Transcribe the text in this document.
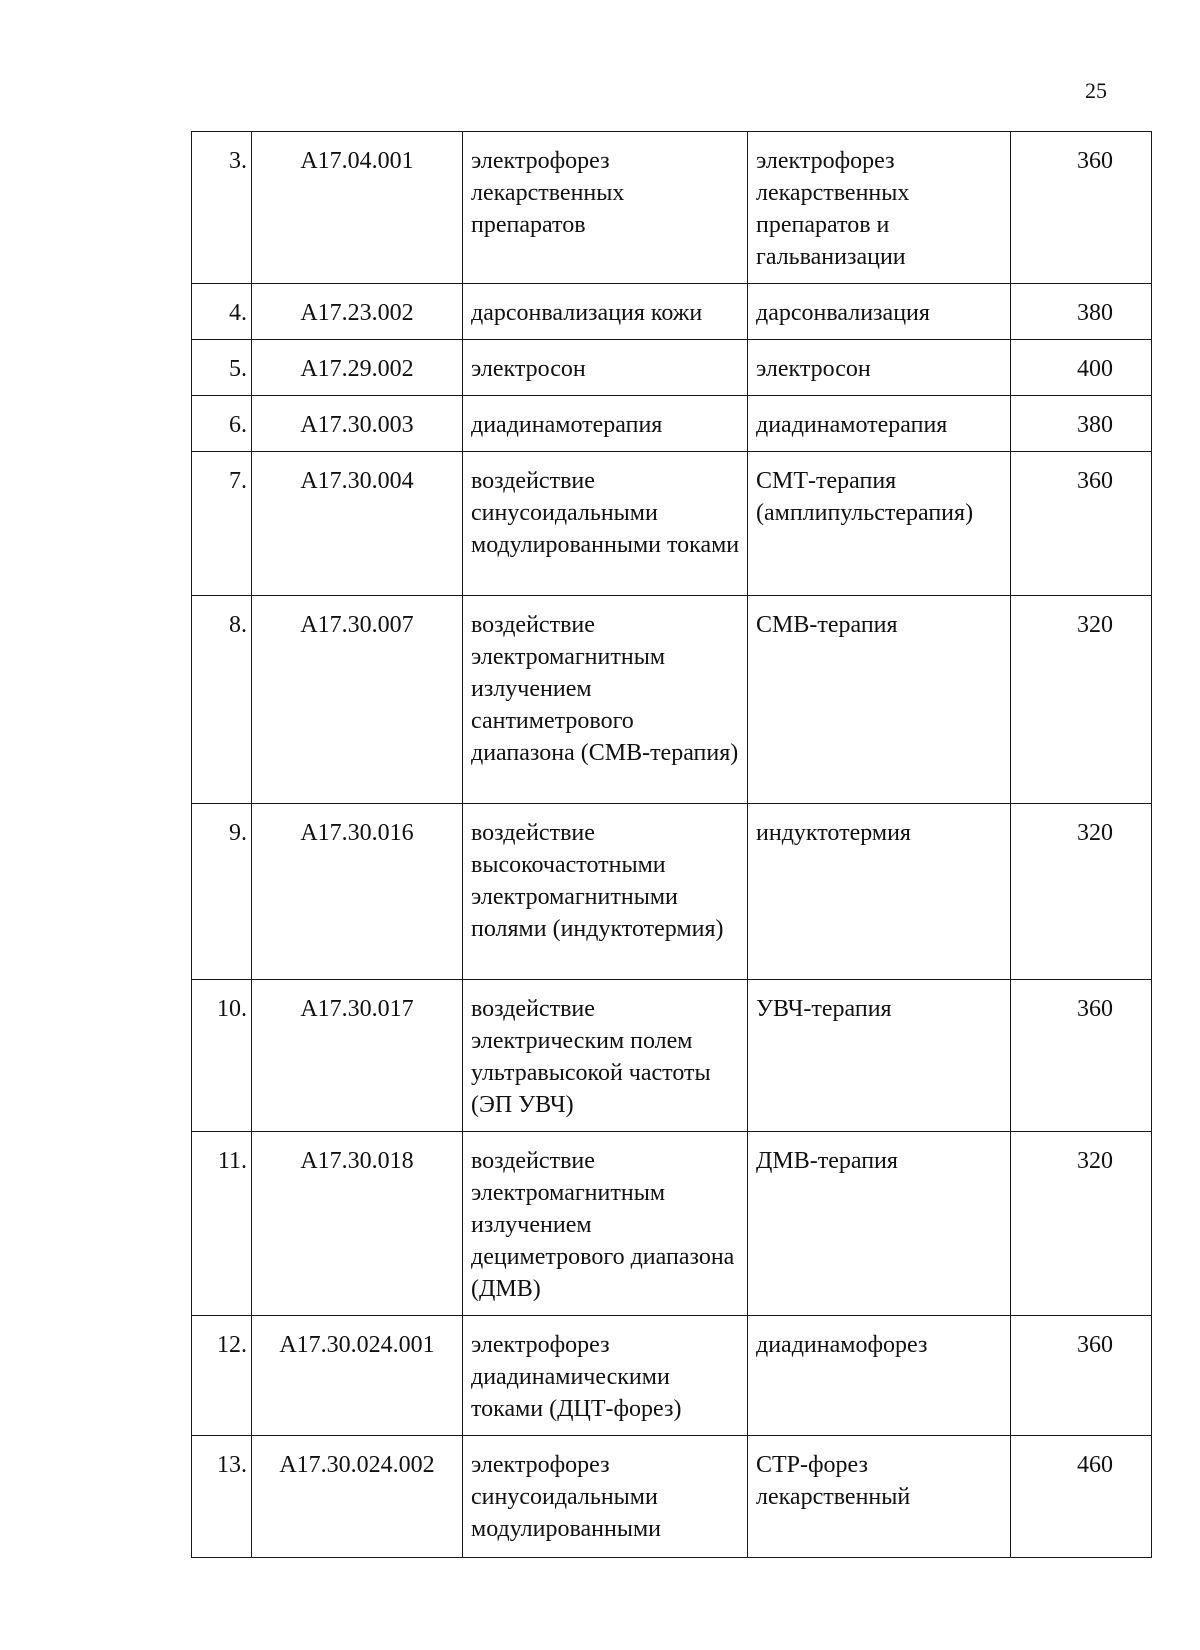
25
3.	A17.04.001	электрофорез лекарственных препаратов	электрофорез лекарственных препаратов и гальванизации	360
4.	A17.23.002	дарсонвализация кожи	дарсонвализация	380
5.	A17.29.002	электросон	электросон	400
6.	A17.30.003	диадинамотерапия	диадинамотерапия	380
7.	A17.30.004	воздействие синусоидальными модулированными токами	СМТ-терапия (амплипульстерапия)	360
8.	A17.30.007	воздействие электромагнитным излучением сантиметрового диапазона (СМВ-терапия)	СМВ-терапия	320
9.	A17.30.016	воздействие высокочастотными электромагнитными полями (индуктотермия)	индуктотермия	320
10.	A17.30.017	воздействие электрическим полем ультравысокой частоты (ЭП УВЧ)	УВЧ-терапия	360
11.	A17.30.018	воздействие электромагнитным излучением дециметрового диапазона (ДМВ)	ДМВ-терапия	320
12.	A17.30.024.001	электрофорез диадинамическими токами (ДЦТ-форез)	диадинамофорез	360
13.	A17.30.024.002	электрофорез синусоидальными модулированными	СТР-форез лекарственный	460
